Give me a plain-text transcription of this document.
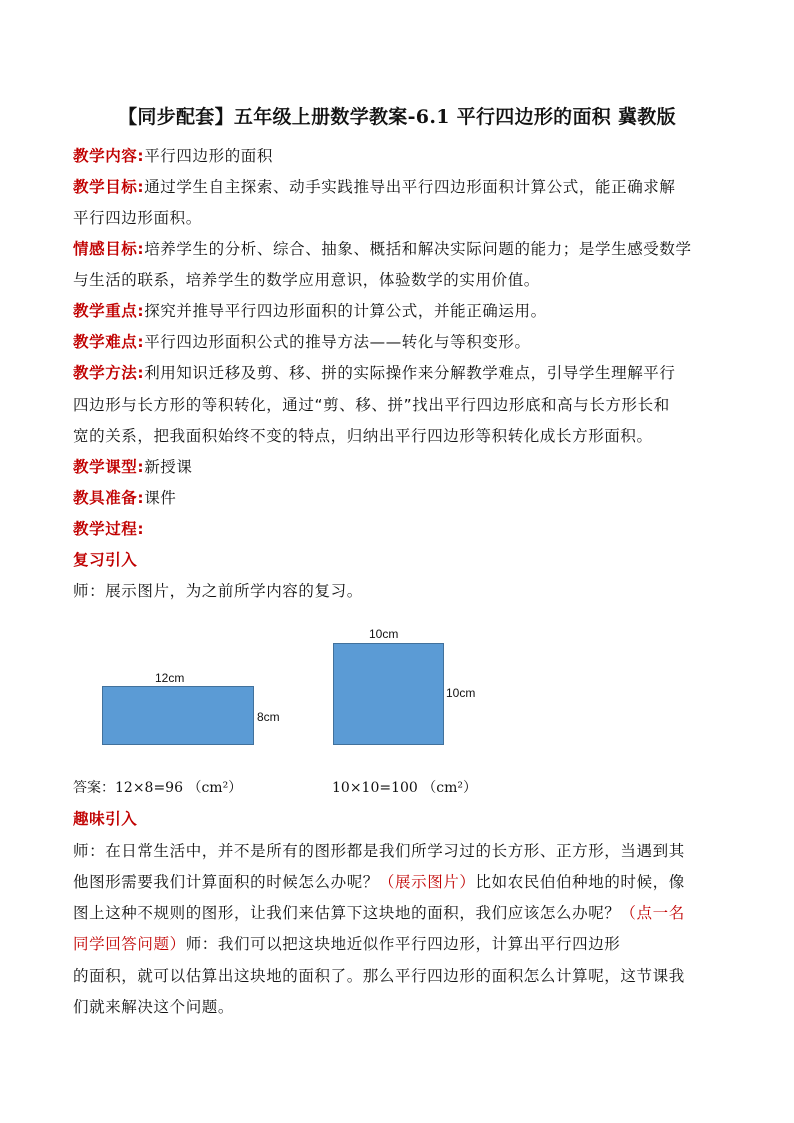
【同步配套】五年级上册数学教案-6.1 平行四边形的面积 冀教版
教学内容:平行四边形的面积
教学目标:通过学生自主探索、动手实践推导出平行四边形面积计算公式，能正确求解
平行四边形面积。
情感目标:培养学生的分析、综合、抽象、概括和解决实际问题的能力；是学生感受数学
与生活的联系，培养学生的数学应用意识，体验数学的实用价值。
教学重点:探究并推导平行四边形面积的计算公式，并能正确运用。
教学难点:平行四边形面积公式的推导方法——转化与等积变形。
教学方法:利用知识迁移及剪、移、拼的实际操作来分解教学难点，引导学生理解平行
四边形与长方形的等积转化，通过“剪、移、拼”找出平行四边形底和高与长方形长和
宽的关系，把我面积始终不变的特点，归纳出平行四边形等积转化成长方形面积。
教学课型:新授课
教具准备:课件
教学过程:
复习引入
师：展示图片，为之前所学内容的复习。
12cm
8cm
10cm
10cm
答案：12×8=96 （cm²）	10×10=100 （cm²）
趣味引入
师：在日常生活中，并不是所有的图形都是我们所学习过的长方形、正方形，当遇到其
他图形需要我们计算面积的时候怎么办呢？（展示图片）比如农民伯伯种地的时候，像
图上这种不规则的图形，让我们来估算下这块地的面积，我们应该怎么办呢？（点一名
同学回答问题）师：我们可以把这块地近似作平行四边形，计算出平行四边形
的面积，就可以估算出这块地的面积了。那么平行四边形的面积怎么计算呢，这节课我
们就来解决这个问题。
